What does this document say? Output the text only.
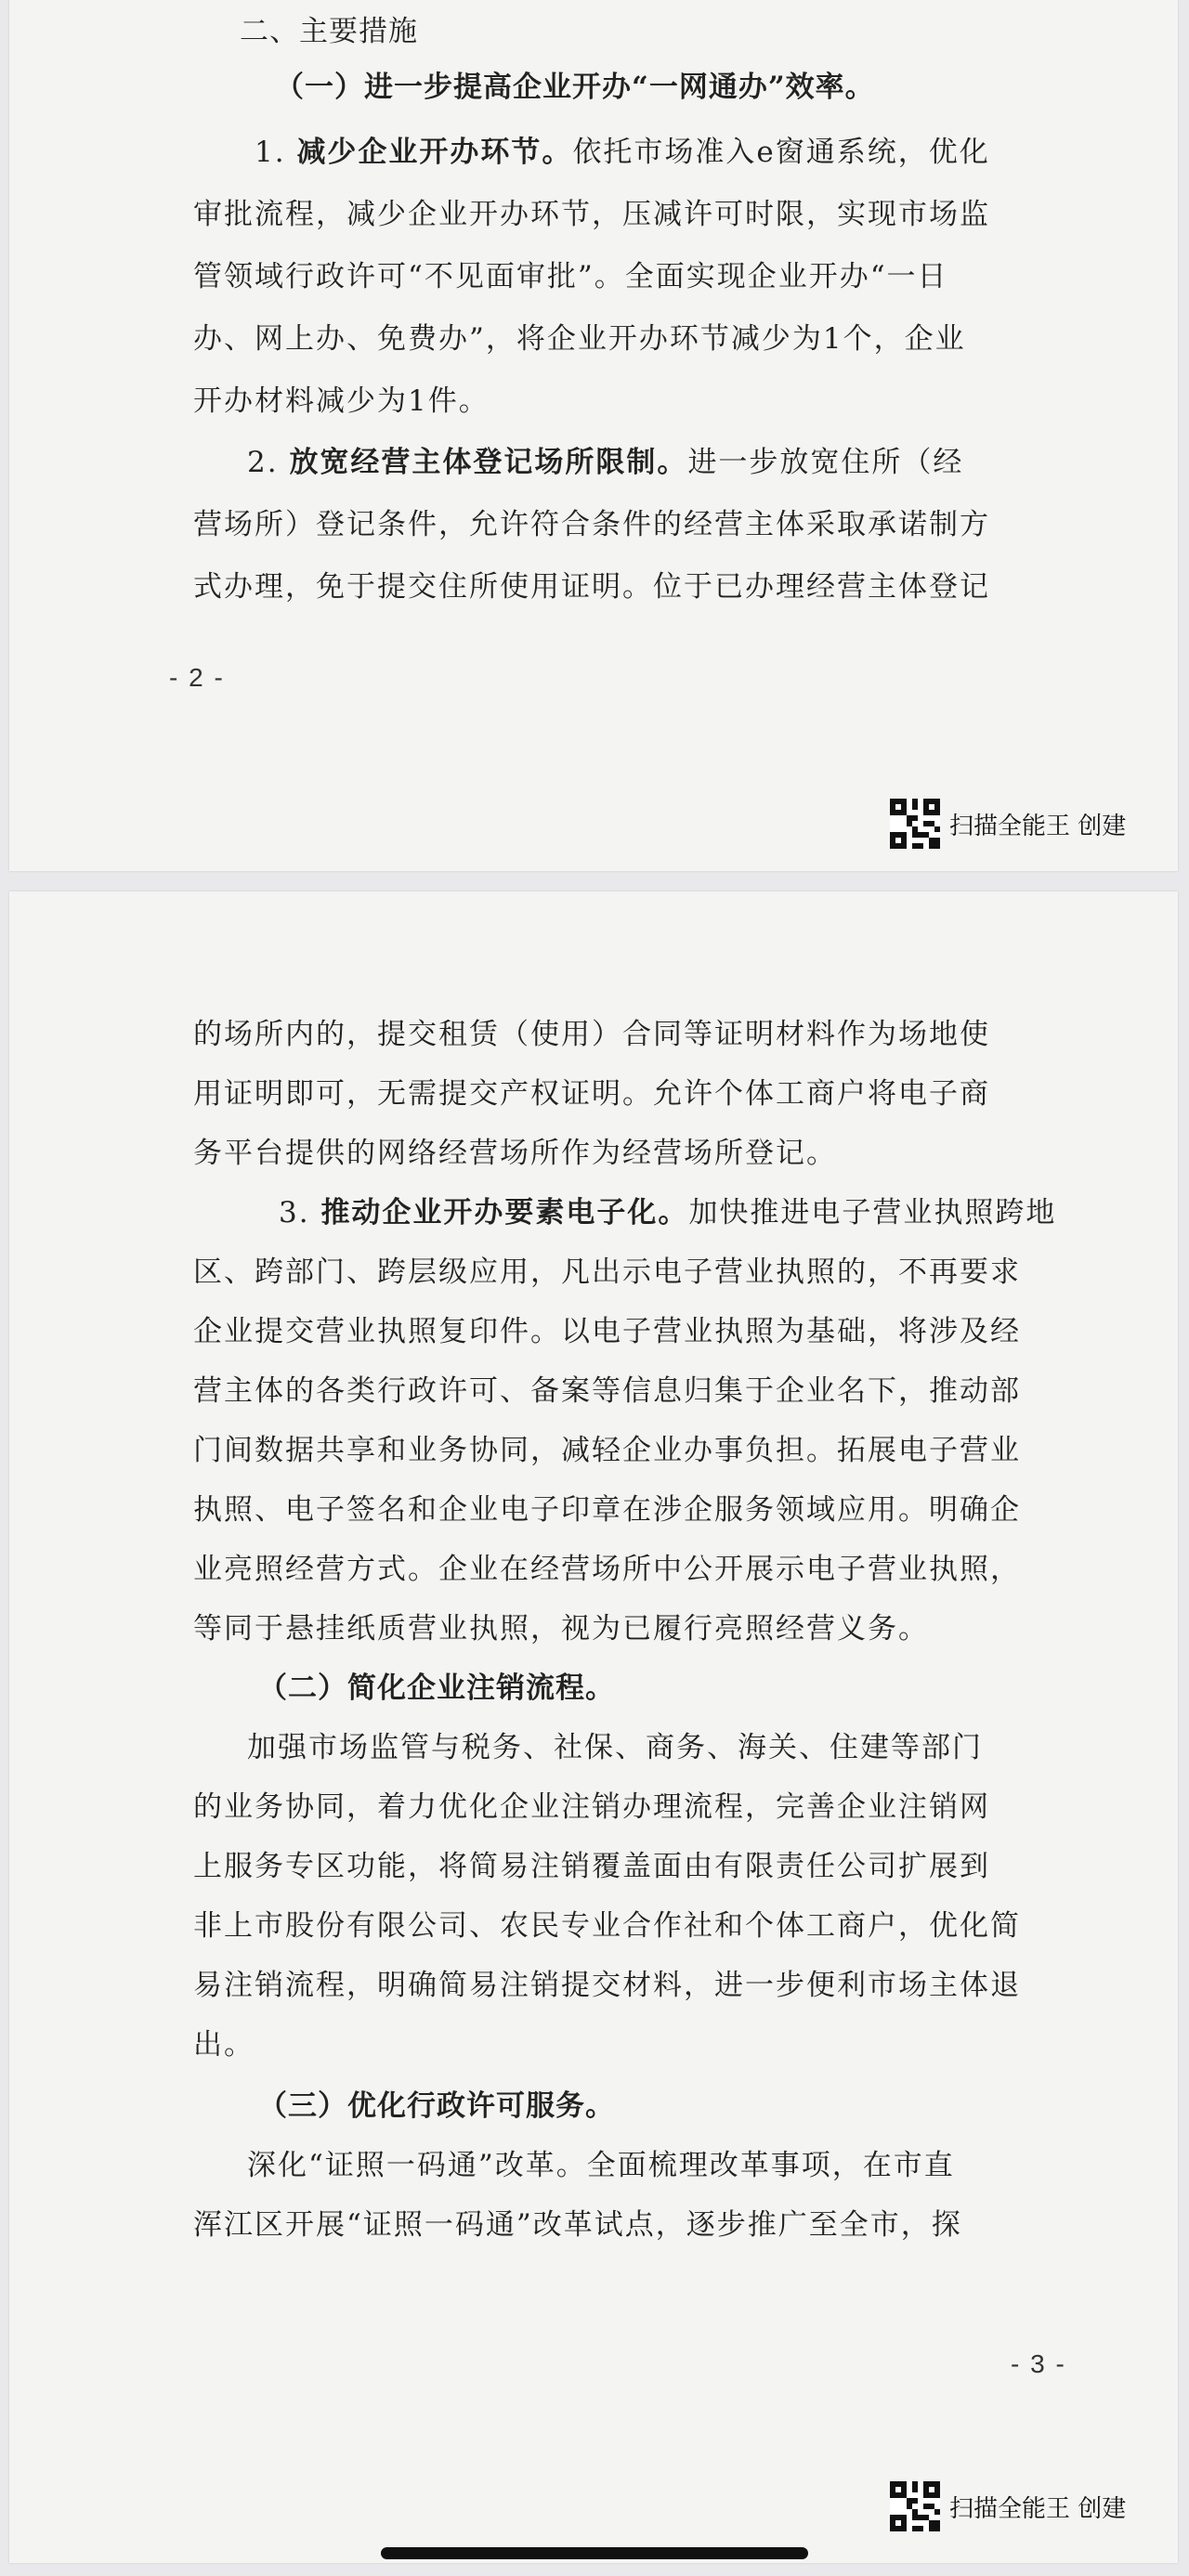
二、主要措施

（一）进一步提高企业开办“一网通办”效率。

1. 减少企业开办环节。依托市场准入e窗通系统，优化

审批流程，减少企业开办环节，压减许可时限，实现市场监

管领域行政许可“不见面审批”。全面实现企业开办“一日

办、网上办、免费办”，将企业开办环节减少为1个，企业

开办材料减少为1件。

2. 放宽经营主体登记场所限制。进一步放宽住所（经

营场所）登记条件，允许符合条件的经营主体采取承诺制方

式办理，免于提交住所使用证明。位于已办理经营主体登记

- 2 -
扫描全能王 创建

的场所内的，提交租赁（使用）合同等证明材料作为场地使

用证明即可，无需提交产权证明。允许个体工商户将电子商

务平台提供的网络经营场所作为经营场所登记。

3. 推动企业开办要素电子化。加快推进电子营业执照跨地

区、跨部门、跨层级应用，凡出示电子营业执照的，不再要求

企业提交营业执照复印件。以电子营业执照为基础，将涉及经

营主体的各类行政许可、备案等信息归集于企业名下，推动部

门间数据共享和业务协同，减轻企业办事负担。拓展电子营业

执照、电子签名和企业电子印章在涉企服务领域应用。明确企

业亮照经营方式。企业在经营场所中公开展示电子营业执照，

等同于悬挂纸质营业执照，视为已履行亮照经营义务。

（二）简化企业注销流程。

加强市场监管与税务、社保、商务、海关、住建等部门

的业务协同，着力优化企业注销办理流程，完善企业注销网

上服务专区功能，将简易注销覆盖面由有限责任公司扩展到

非上市股份有限公司、农民专业合作社和个体工商户，优化简

易注销流程，明确简易注销提交材料，进一步便利市场主体退

出。

（三）优化行政许可服务。

深化“证照一码通”改革。全面梳理改革事项，在市直

浑江区开展“证照一码通”改革试点，逐步推广至全市，探

- 3 -
扫描全能王 创建
